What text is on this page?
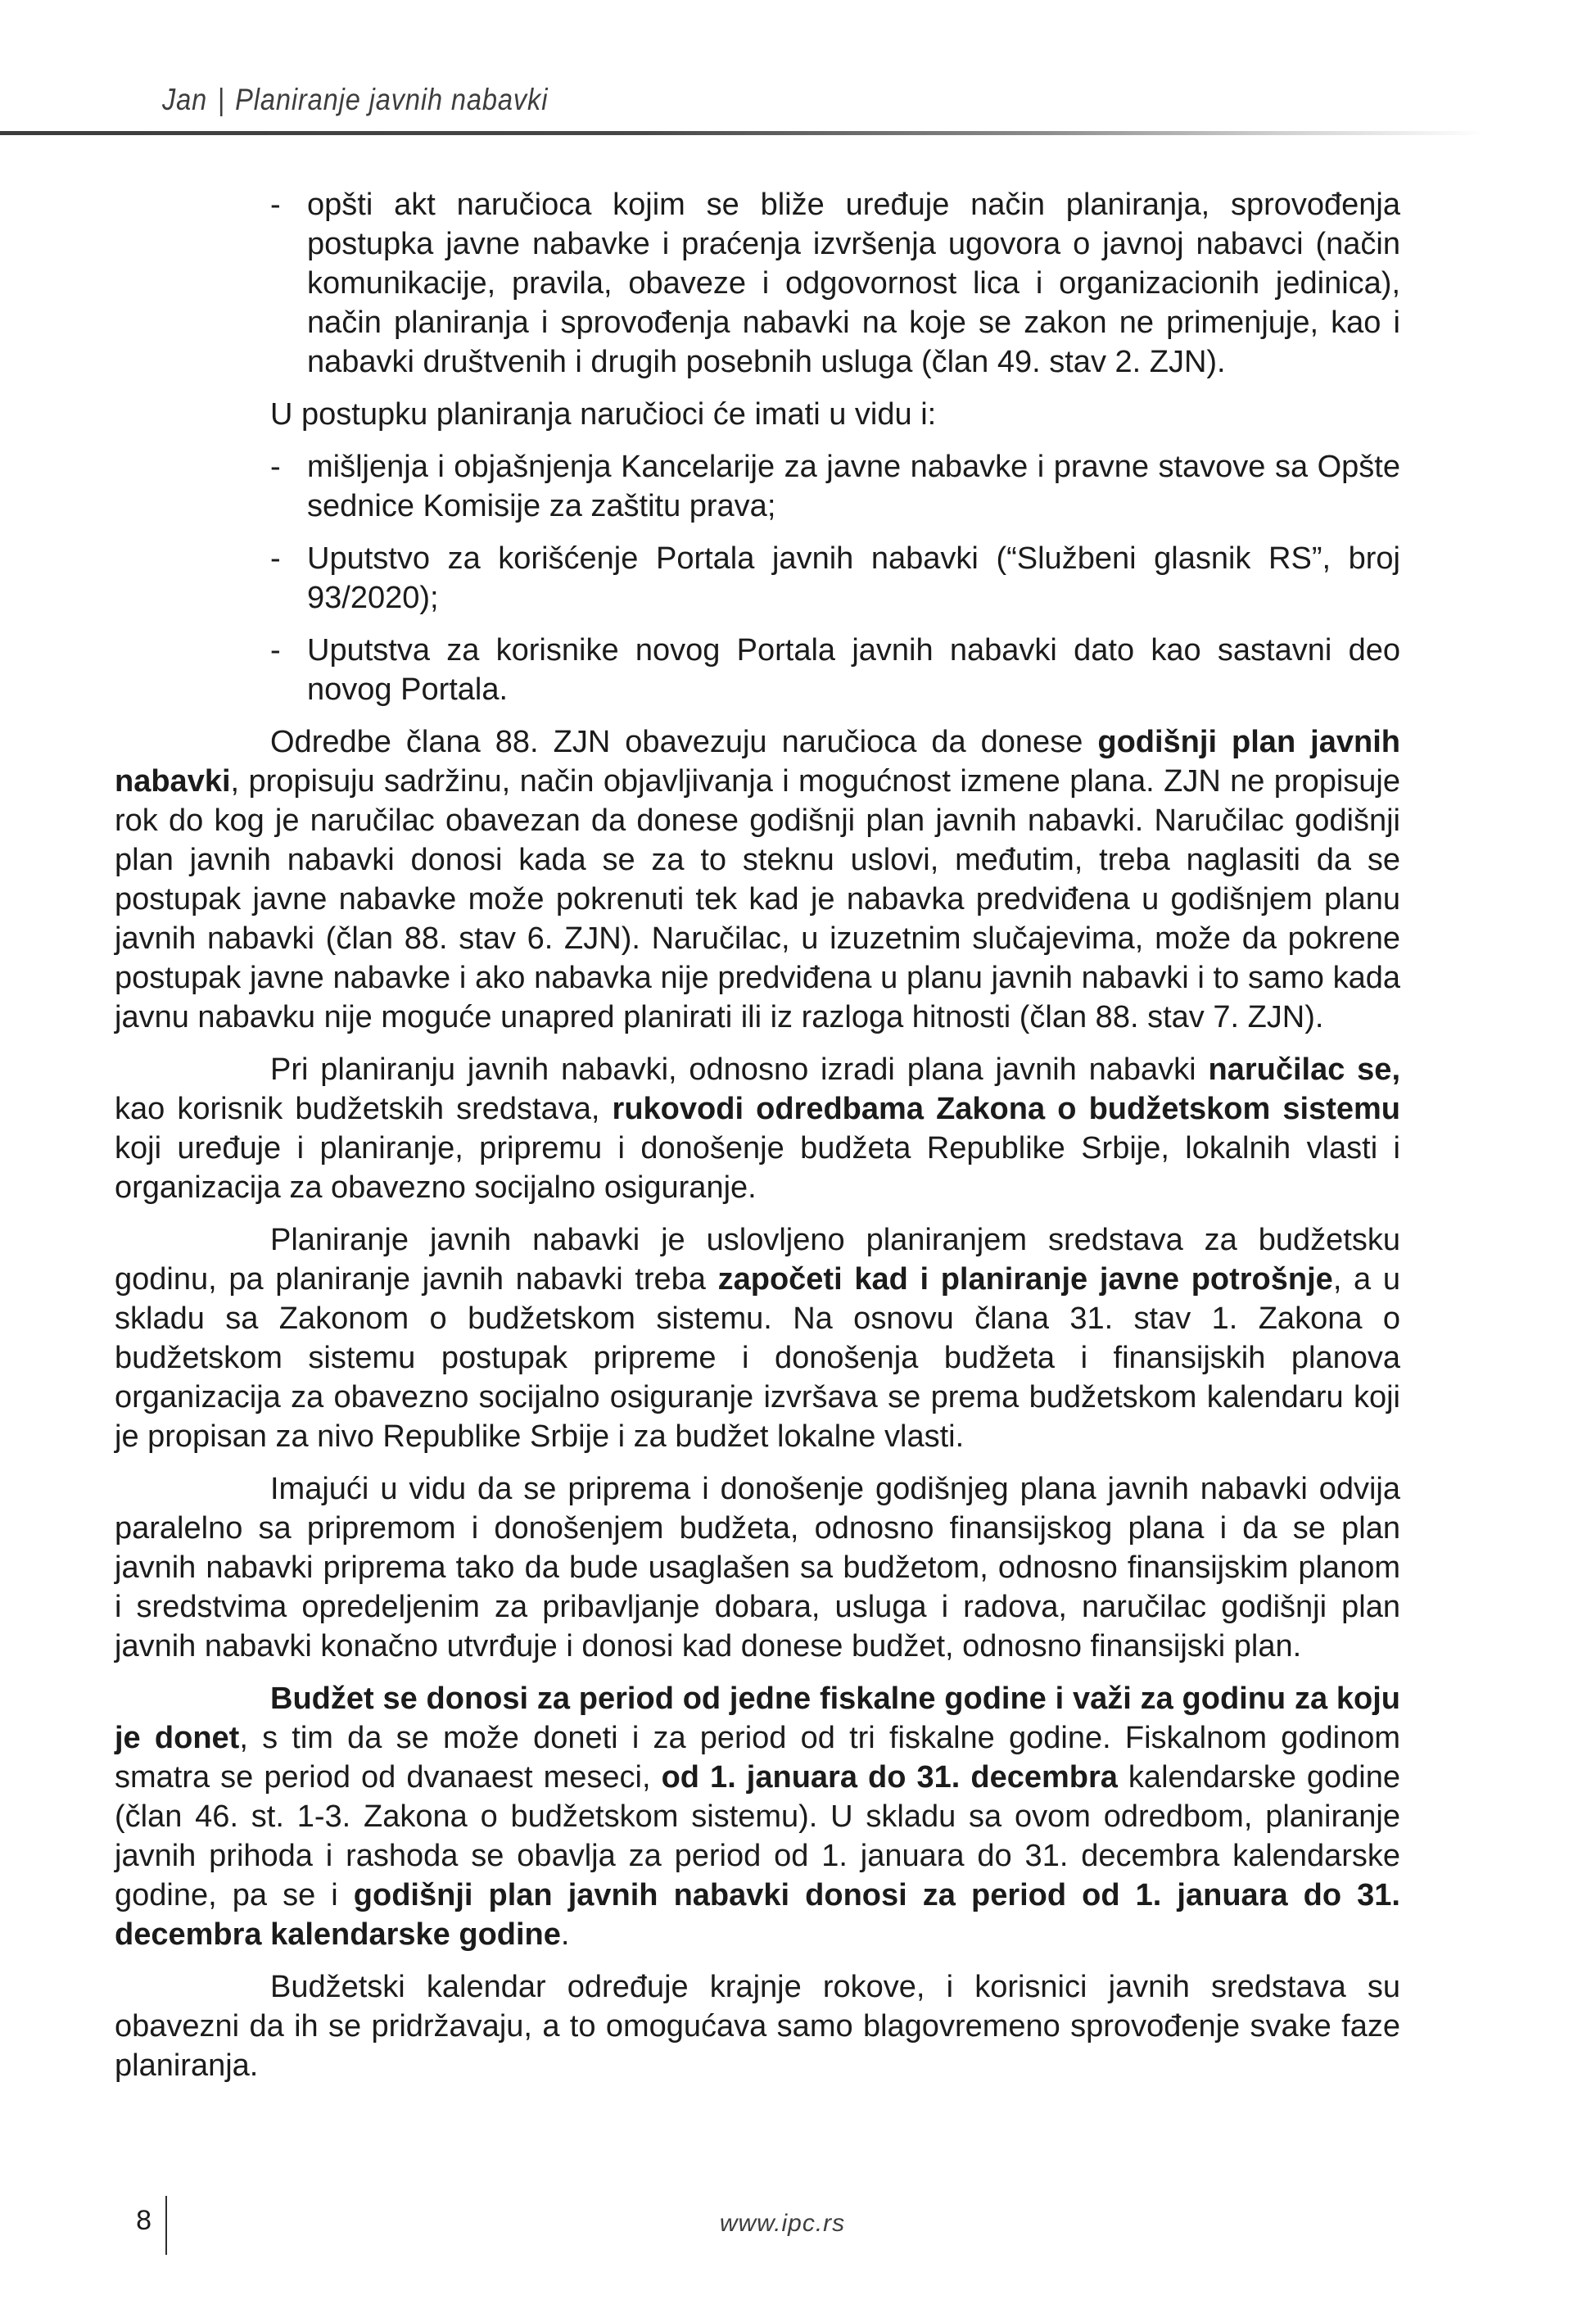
Jan | Planiranje javnih nabavki
- opšti akt naručioca kojim se bliže uređuje način planiranja, sprovođenja postupka javne nabavke i praćenja izvršenja ugovora o javnoj nabavci (način komunikacije, pravila, obaveze i odgovornost lica i organizacionih jedinica), način planiranja i sprovođenja nabavki na koje se zakon ne primenjuje, kao i nabavki društvenih i drugih posebnih usluga (član 49. stav 2. ZJN).

U postupku planiranja naručioci će imati u vidu i:

- mišljenja i objašnjenja Kancelarije za javne nabavke i pravne stavove sa Opšte sednice Komisije za zaštitu prava;
- Uputstvo za korišćenje Portala javnih nabavki (“Službeni glasnik RS”, broj 93/2020);
- Uputstva za korisnike novog Portala javnih nabavki dato kao sastavni deo novog Portala.

Odredbe člana 88. ZJN obavezuju naručioca da donese godišnji plan javnih nabavki, propisuju sadržinu, način objavljivanja i mogućnost izmene plana. ZJN ne propisuje rok do kog je naručilac obavezan da donese godišnji plan javnih nabavki. Naručilac godišnji plan javnih nabavki donosi kada se za to steknu uslovi, međutim, treba naglasiti da se postupak javne nabavke može pokrenuti tek kad je nabavka predviđena u godišnjem planu javnih nabavki (član 88. stav 6. ZJN). Naručilac, u izuzetnim slučajevima, može da pokrene postupak javne nabavke i ako nabavka nije predviđena u planu javnih nabavki i to samo kada javnu nabavku nije moguće unapred planirati ili iz razloga hitnosti (član 88. stav 7. ZJN).

Pri planiranju javnih nabavki, odnosno izradi plana javnih nabavki naručilac se, kao korisnik budžetskih sredstava, rukovodi odredbama Zakona o budžetskom sistemu koji uređuje i planiranje, pripremu i donošenje budžeta Republike Srbije, lokalnih vlasti i organizacija za obavezno socijalno osiguranje.

Planiranje javnih nabavki je uslovljeno planiranjem sredstava za budžetsku godinu, pa planiranje javnih nabavki treba započeti kad i planiranje javne potrošnje, a u skladu sa Zakonom o budžetskom sistemu. Na osnovu člana 31. stav 1. Zakona o budžetskom sistemu postupak pripreme i donošenja budžeta i finansijskih planova organizacija za obavezno socijalno osiguranje izvršava se prema budžetskom kalendaru koji je propisan za nivo Republike Srbije i za budžet lokalne vlasti.

Imajući u vidu da se priprema i donošenje godišnjeg plana javnih nabavki odvija paralelno sa pripremom i donošenjem budžeta, odnosno finansijskog plana i da se plan javnih nabavki priprema tako da bude usaglašen sa budžetom, odnosno finansijskim planom i sredstvima opredeljenim za pribavljanje dobara, usluga i radova, naručilac godišnji plan javnih nabavki konačno utvrđuje i donosi kad donese budžet, odnosno finansijski plan.

Budžet se donosi za period od jedne fiskalne godine i važi za godinu za koju je donet, s tim da se može doneti i za period od tri fiskalne godine. Fiskalnom godinom smatra se period od dvanaest meseci, od 1. januara do 31. decembra kalendarske godine (član 46. st. 1-3. Zakona o budžetskom sistemu). U skladu sa ovom odredbom, planiranje javnih prihoda i rashoda se obavlja za period od 1. januara do 31. decembra kalendarske godine, pa se i godišnji plan javnih nabavki donosi za period od 1. januara do 31. decembra kalendarske godine.

Budžetski kalendar određuje krajnje rokove, i korisnici javnih sredstava su obavezni da ih se pridržavaju, a to omogućava samo blagovremeno sprovođenje svake faze planiranja.

8	www.ipc.rs
